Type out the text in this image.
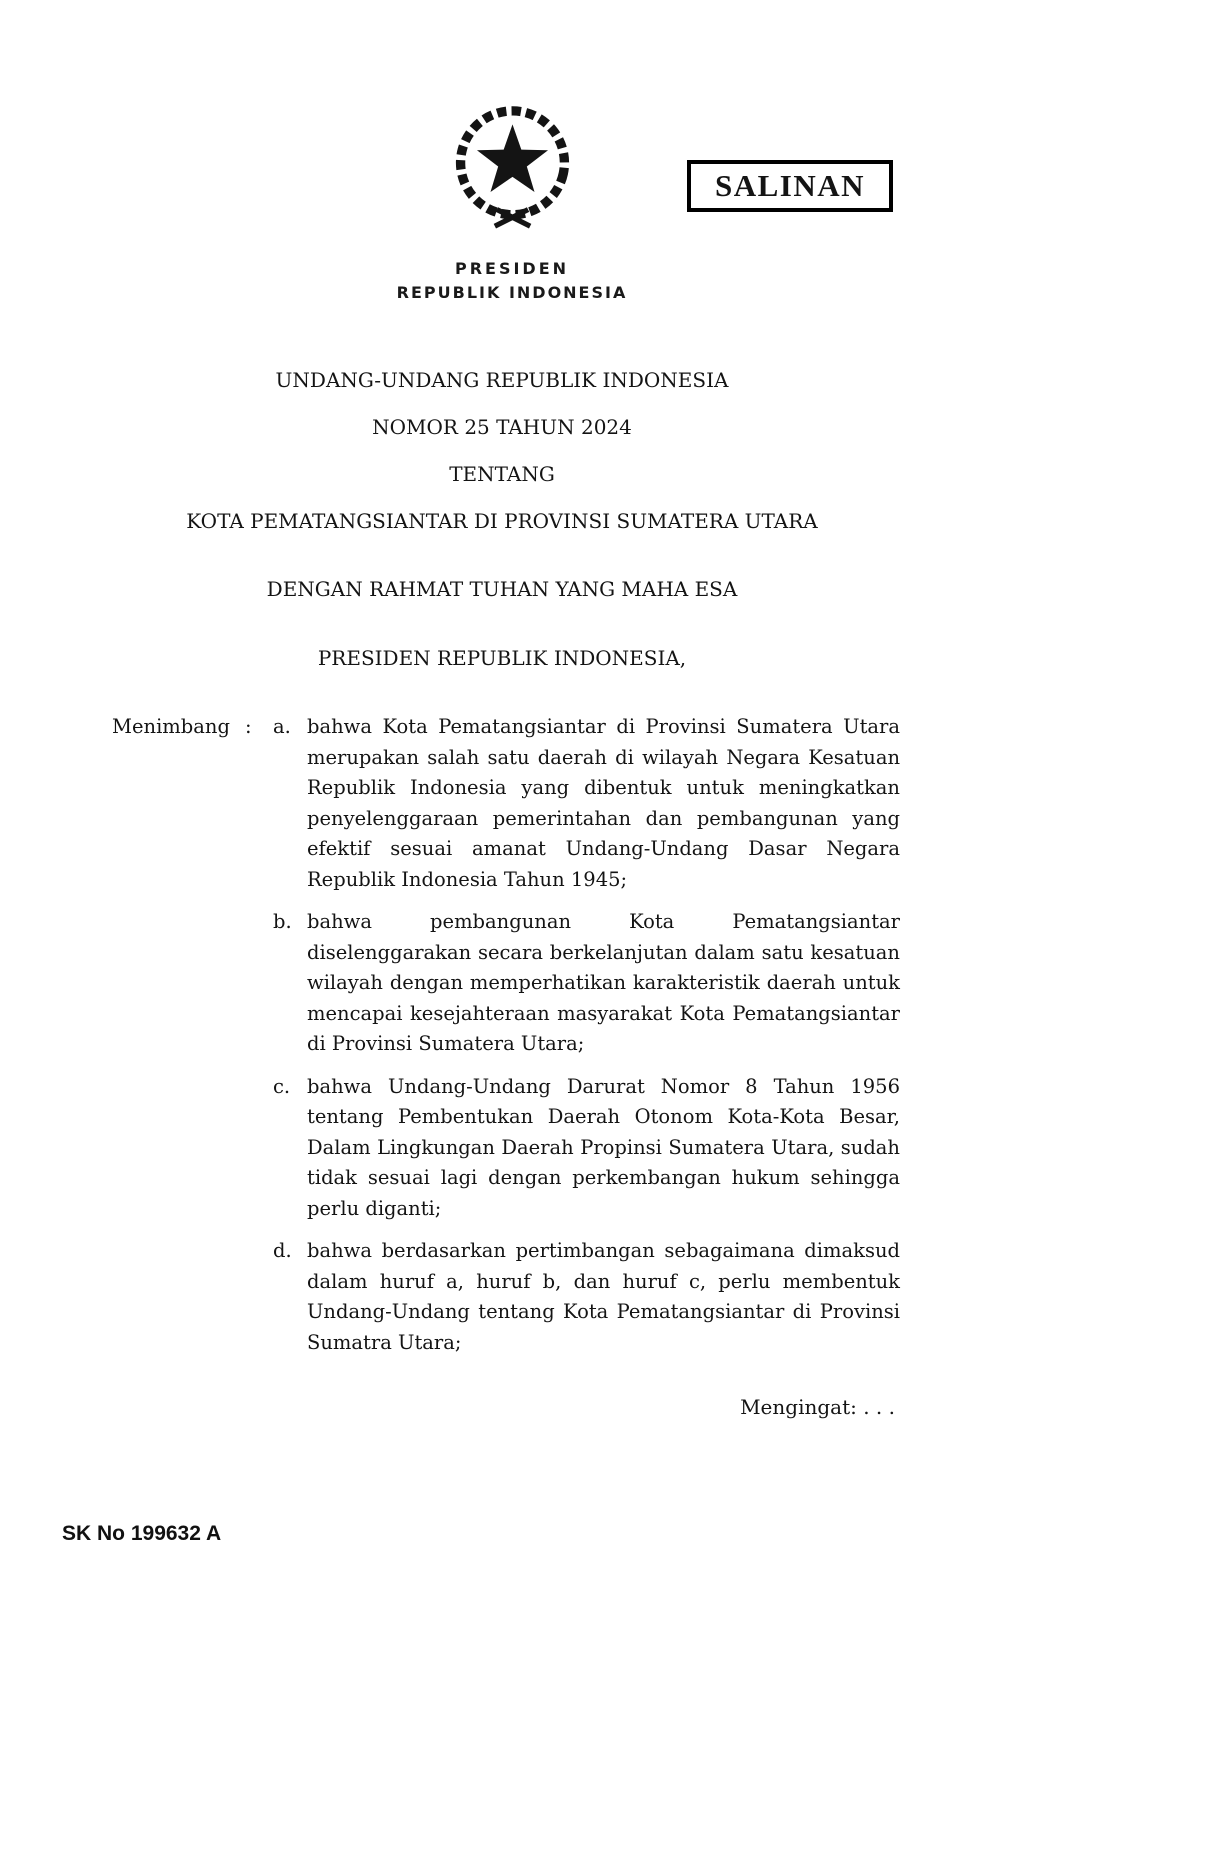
SALINAN
PRESIDEN
REPUBLIK INDONESIA
UNDANG-UNDANG REPUBLIK INDONESIA
NOMOR 25 TAHUN 2024
TENTANG
KOTA PEMATANGSIANTAR DI PROVINSI SUMATERA UTARA
DENGAN RAHMAT TUHAN YANG MAHA ESA
PRESIDEN REPUBLIK INDONESIA,
Menimbang :	a. bahwa Kota Pematangsiantar di Provinsi Sumatera Utara merupakan salah satu daerah di wilayah Negara Kesatuan Republik Indonesia yang dibentuk untuk meningkatkan penyelenggaraan pemerintahan dan pembangunan yang efektif sesuai amanat Undang-Undang Dasar Negara Republik Indonesia Tahun 1945;
b. bahwa pembangunan Kota Pematangsiantar diselenggarakan secara berkelanjutan dalam satu kesatuan wilayah dengan memperhatikan karakteristik daerah untuk mencapai kesejahteraan masyarakat Kota Pematangsiantar di Provinsi Sumatera Utara;
c. bahwa Undang-Undang Darurat Nomor 8 Tahun 1956 tentang Pembentukan Daerah Otonom Kota-Kota Besar, Dalam Lingkungan Daerah Propinsi Sumatera Utara, sudah tidak sesuai lagi dengan perkembangan hukum sehingga perlu diganti;
d. bahwa berdasarkan pertimbangan sebagaimana dimaksud dalam huruf a, huruf b, dan huruf c, perlu membentuk Undang-Undang tentang Kota Pematangsiantar di Provinsi Sumatra Utara;
Mengingat: . . .
SK No 199632 A
